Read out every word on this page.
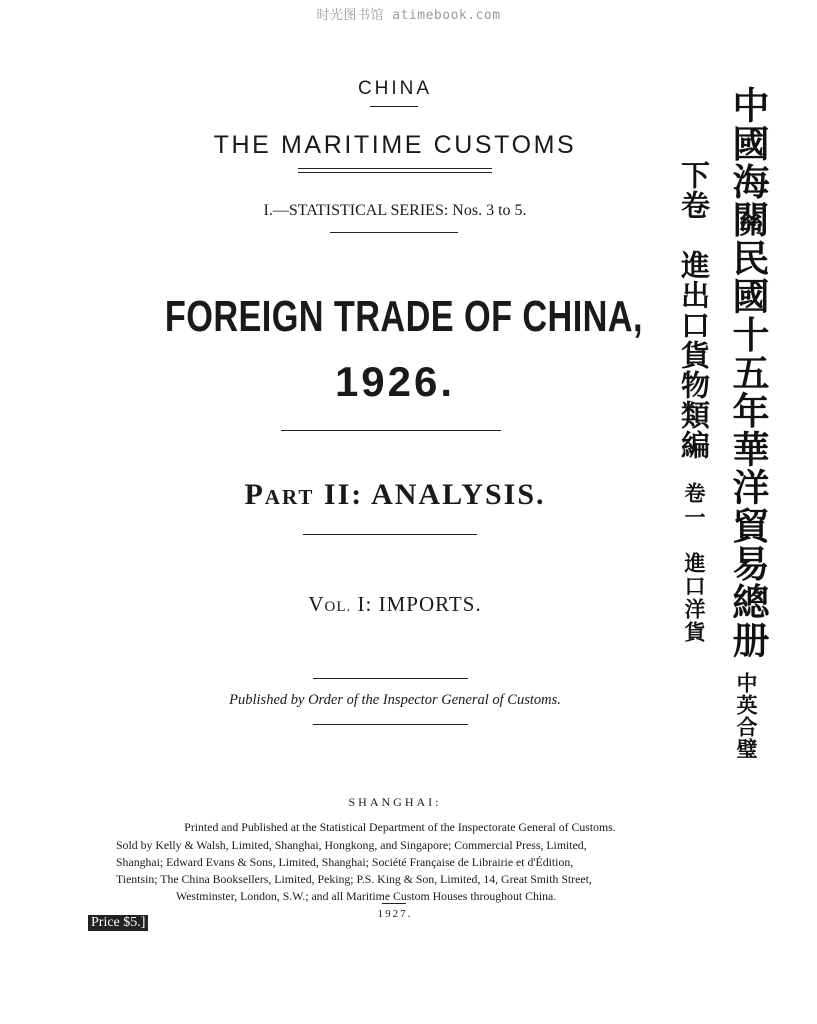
时光图书馆 atimebook.com
CHINA
THE MARITIME CUSTOMS
I.—STATISTICAL SERIES: Nos. 3 to 5.
FOREIGN TRADE OF CHINA,
1926.
PART II: ANALYSIS.
VOL. I: IMPORTS.
Published by Order of the Inspector General of Customs.
SHANGHAI:
Printed and Published at the Statistical Department of the Inspectorate General of Customs.
Sold by Kelly & Walsh, Limited, Shanghai, Hongkong, and Singapore; Commercial Press, Limited,
Shanghai; Edward Evans & Sons, Limited, Shanghai; Société Française de Librairie et d'Édition,
Tientsin; The China Booksellers, Limited, Peking; P.S. King & Son, Limited, 14, Great Smith Street,
Westminster, London, S.W.; and all Maritime Custom Houses throughout China.
1927.
Price $5.]
中國海關民國十五年華洋貿易總册
中英合璧
下卷
進出口貨物類編
卷一
進口洋貨
